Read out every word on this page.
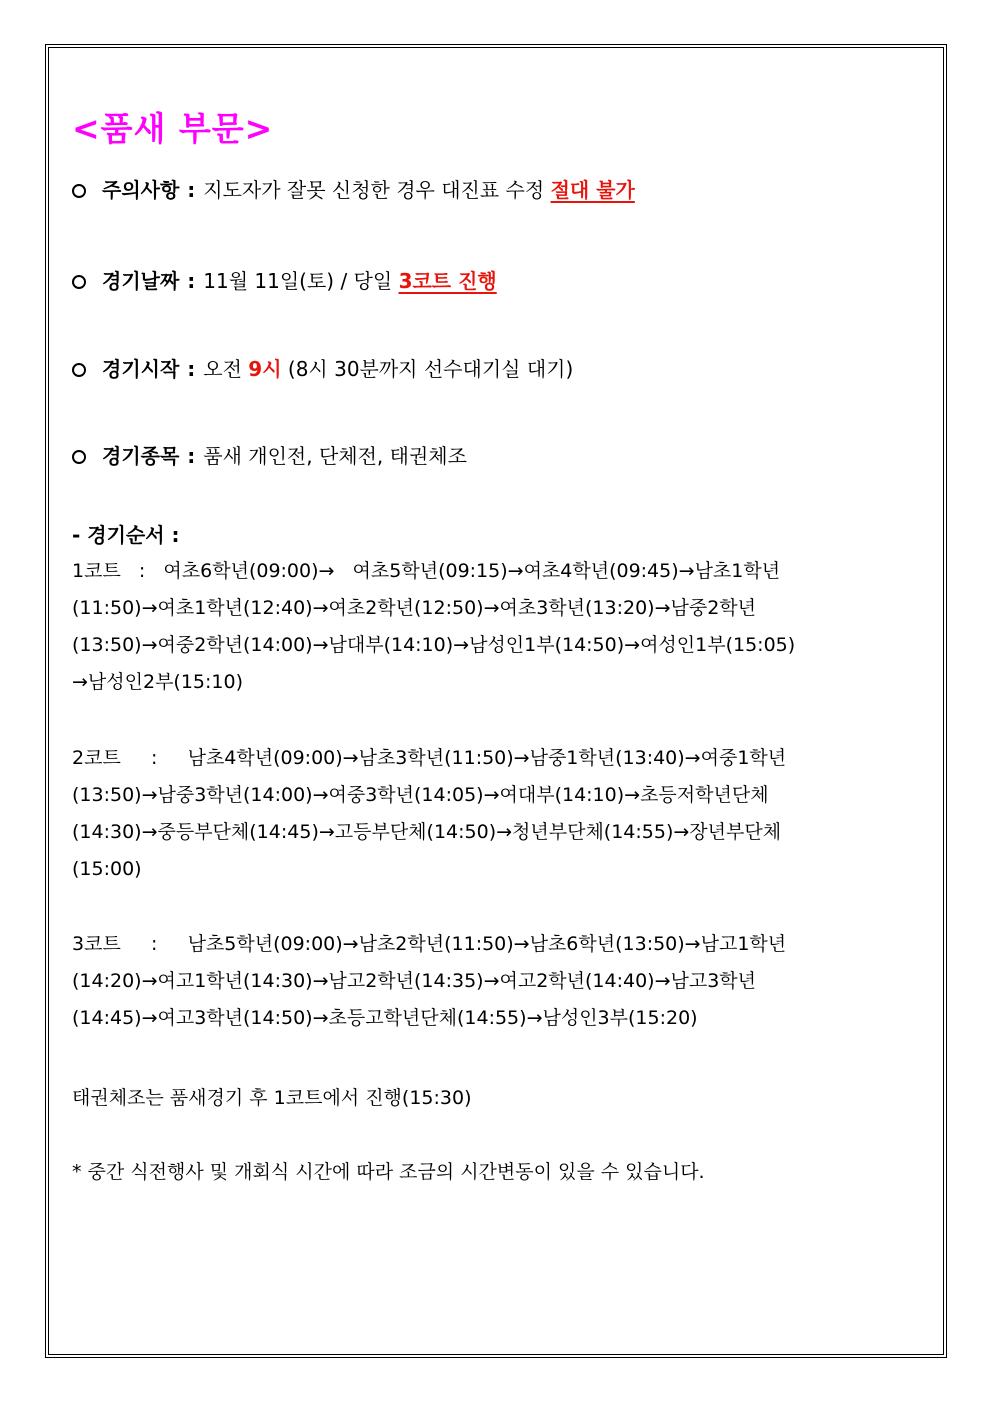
<품새 부문>
주의사항 : 지도자가 잘못 신청한 경우 대진표 수정 절대 불가
경기날짜 : 11월 11일(토) / 당일 3코트 진행
경기시작 : 오전 9시 (8시 30분까지 선수대기실 대기)
경기종목 : 품새 개인전, 단체전, 태권체조
- 경기순서 :
1코트   :   여초6학년(09:00)→   여초5학년(09:15)→여초4학년(09:45)→남초1학년
(11:50)→여초1학년(12:40)→여초2학년(12:50)→여초3학년(13:20)→남중2학년
(13:50)→여중2학년(14:00)→남대부(14:10)→남성인1부(14:50)→여성인1부(15:05)
→남성인2부(15:10)
2코트     :     남초4학년(09:00)→남초3학년(11:50)→남중1학년(13:40)→여중1학년
(13:50)→남중3학년(14:00)→여중3학년(14:05)→여대부(14:10)→초등저학년단체
(14:30)→중등부단체(14:45)→고등부단체(14:50)→청년부단체(14:55)→장년부단체
(15:00)
3코트     :     남초5학년(09:00)→남초2학년(11:50)→남초6학년(13:50)→남고1학년
(14:20)→여고1학년(14:30)→남고2학년(14:35)→여고2학년(14:40)→남고3학년
(14:45)→여고3학년(14:50)→초등고학년단체(14:55)→남성인3부(15:20)
태권체조는 품새경기 후 1코트에서 진행(15:30)
* 중간 식전행사 및 개회식 시간에 따라 조금의 시간변동이 있을 수 있습니다.
